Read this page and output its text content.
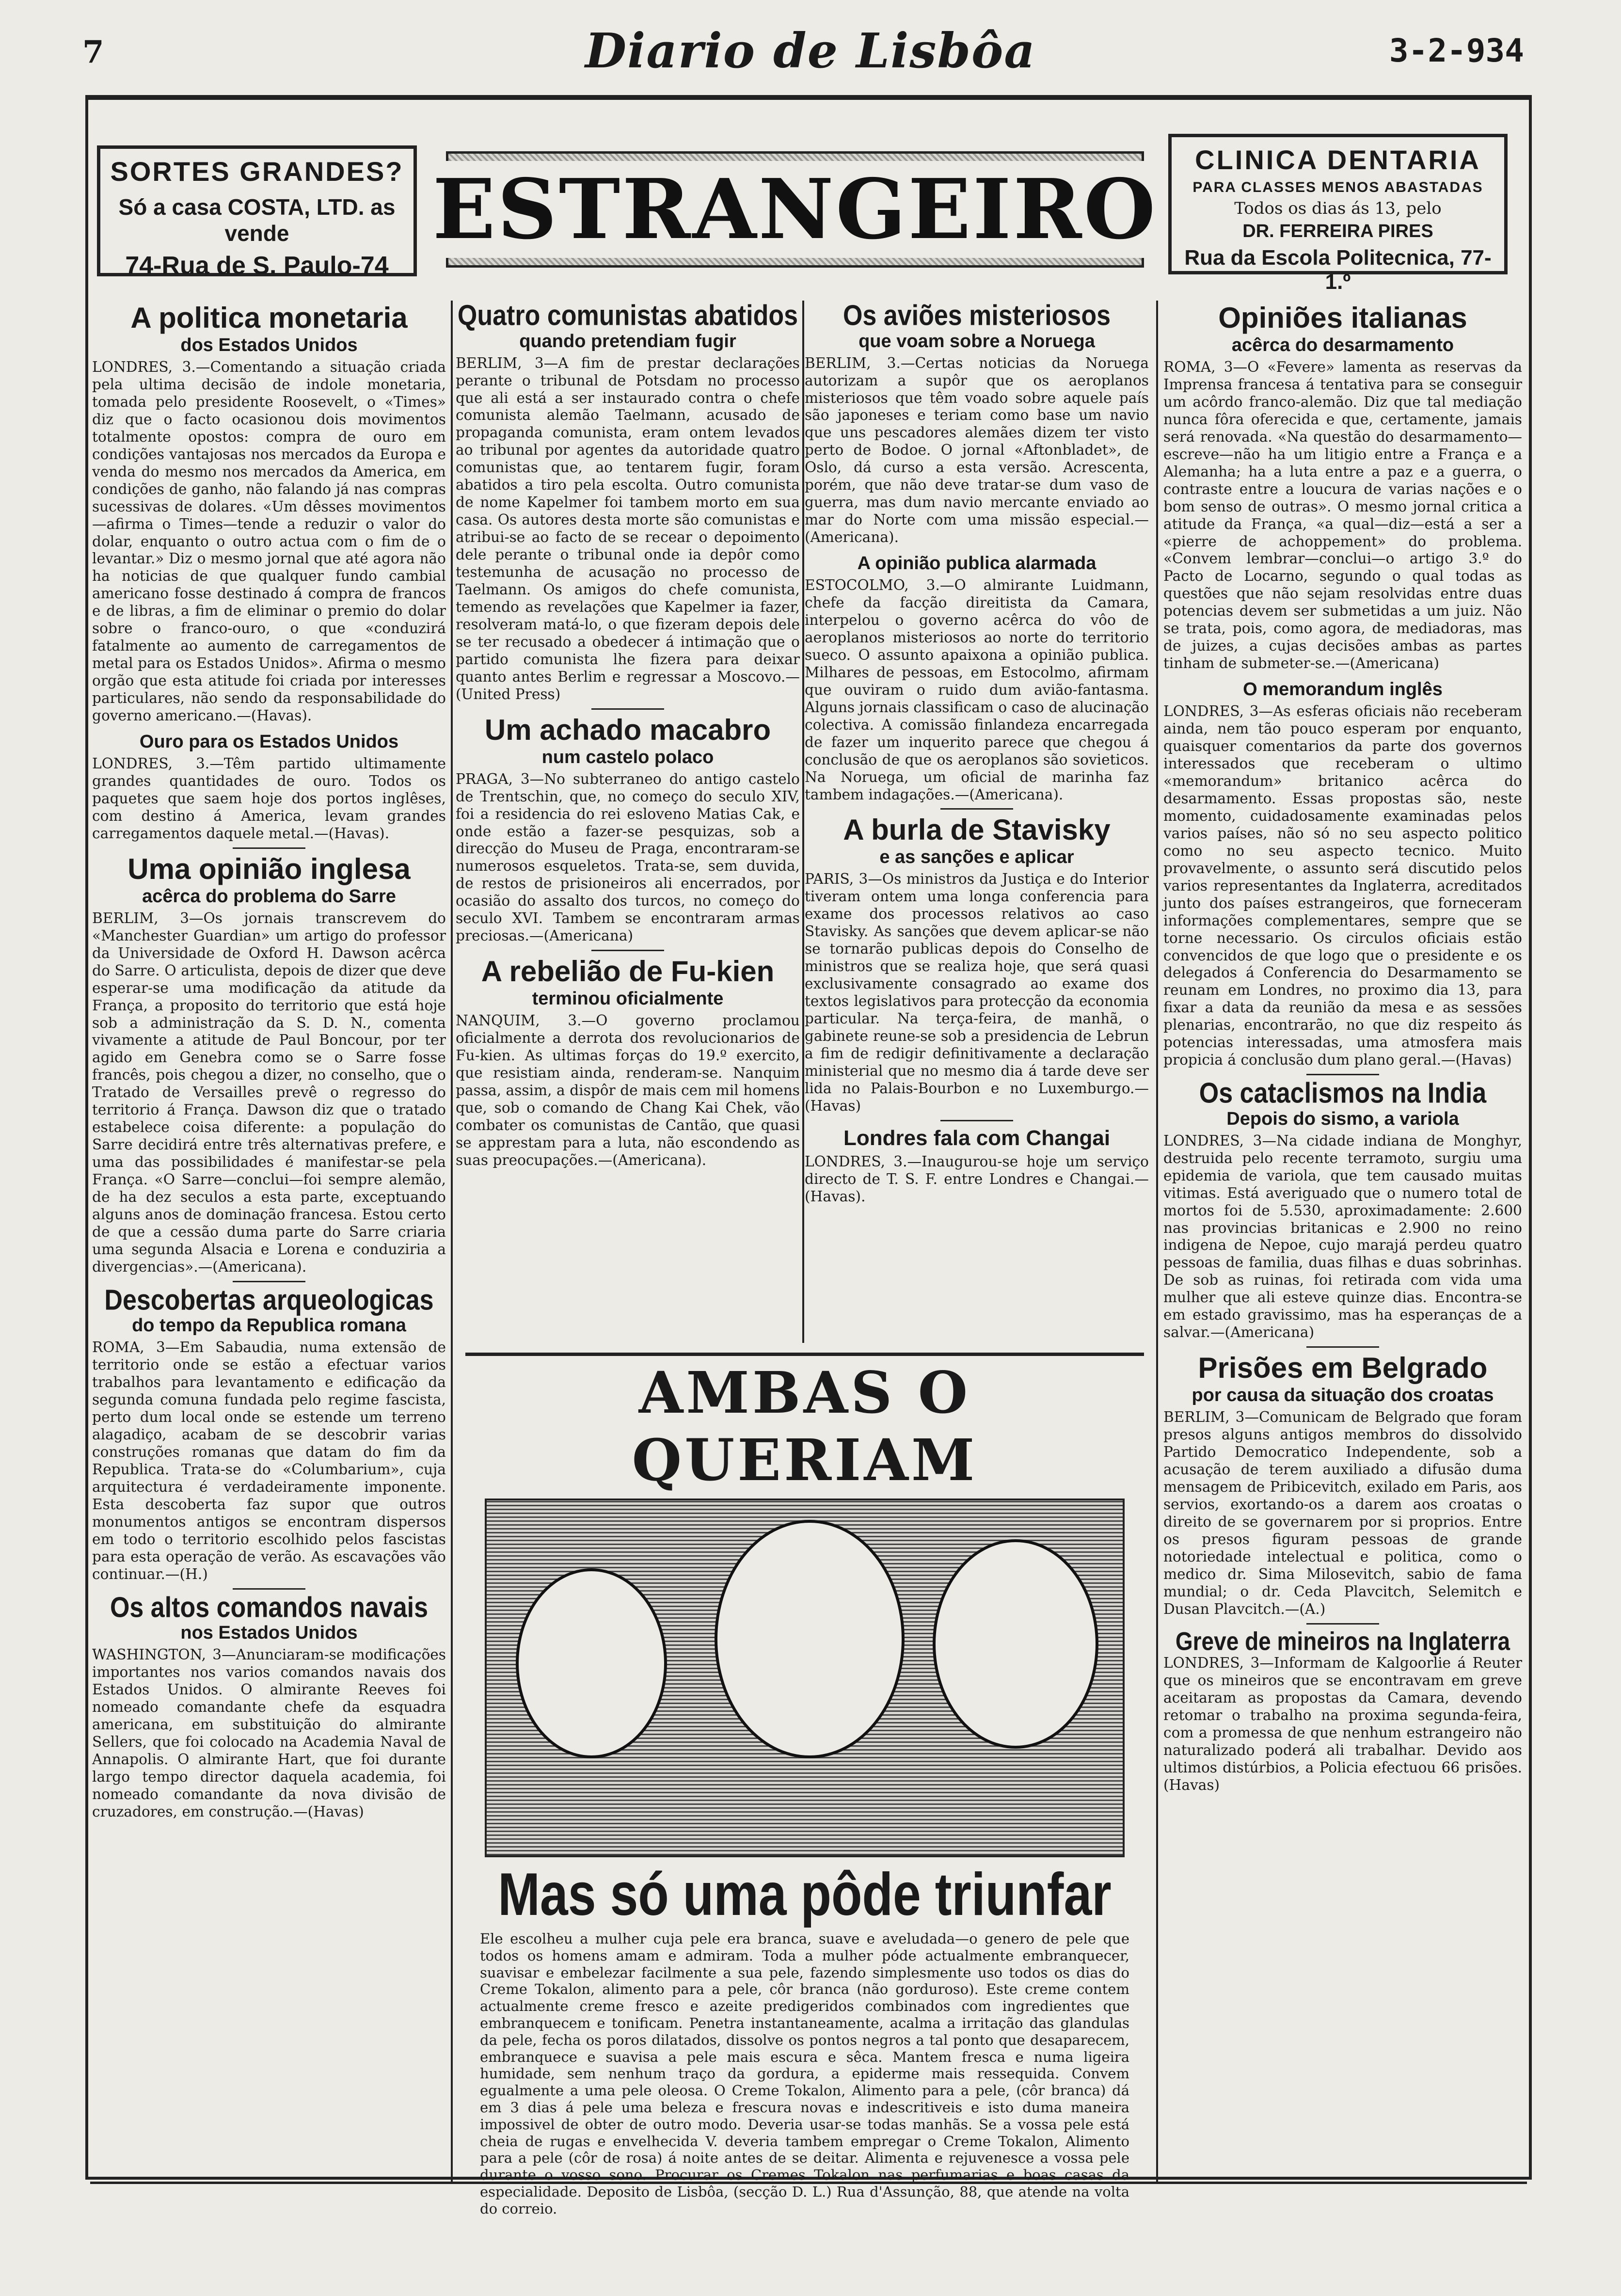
7	Diario de Lisbôa	3-2-934
SORTES GRANDES?
Só a casa COSTA, LTD. as vende
74-Rua de S. Paulo-74
ESTRANGEIRO
CLINICA DENTARIA
PARA CLASSES MENOS ABASTADAS
Todos os dias ás 13, pelo
DR. FERREIRA PIRES
Rua da Escola Politecnica, 77-1.º
A politica monetaria
dos Estados Unidos

LONDRES, 3.—Comentando a situação criada pela ultima decisão de indole monetaria, tomada pelo presidente Roosevelt, o «Times» diz que o facto ocasionou dois movimentos totalmente opostos: compra de ouro em condições vantajosas nos mercados da Europa e venda do mesmo nos mercados da America, em condições de ganho, não falando já nas compras sucessivas de dolares. «Um dêsses movimentos—afirma o Times—tende a reduzir o valor do dolar, enquanto o outro actua com o fim de o levantar.» Diz o mesmo jornal que até agora não ha noticias de que qualquer fundo cambial americano fosse destinado á compra de francos e de libras, a fim de eliminar o premio do dolar sobre o franco-ouro, o que «conduzirá fatalmente ao aumento de carregamentos de metal para os Estados Unidos». Afirma o mesmo orgão que esta atitude foi criada por interesses particulares, não sendo da responsabilidade do governo americano.—(Havas).

Ouro para os Estados Unidos

LONDRES, 3.—Têm partido ultimamente grandes quantidades de ouro. Todos os paquetes que saem hoje dos portos inglêses, com destino á America, levam grandes carregamentos daquele metal.—(Havas).

Uma opinião inglesa
acêrca do problema do Sarre

BERLIM, 3—Os jornais transcrevem do «Manchester Guardian» um artigo do professor da Universidade de Oxford H. Dawson acêrca do Sarre. O articulista, depois de dizer que deve esperar-se uma modificação da atitude da França, a proposito do territorio que está hoje sob a administração da S. D. N., comenta vivamente a atitude de Paul Boncour, por ter agido em Genebra como se o Sarre fosse francês, pois chegou a dizer, no conselho, que o Tratado de Versailles prevê o regresso do territorio á França. Dawson diz que o tratado estabelece coisa diferente: a população do Sarre decidirá entre três alternativas prefere, e uma das possibilidades é manifestar-se pela França. «O Sarre—conclui—foi sempre alemão, de ha dez seculos a esta parte, exceptuando alguns anos de dominação francesa. Estou certo de que a cessão duma parte do Sarre criaria uma segunda Alsacia e Lorena e conduziria a divergencias».—(Americana).

Descobertas arqueologicas
do tempo da Republica romana

ROMA, 3—Em Sabaudia, numa extensão de territorio onde se estão a efectuar varios trabalhos para levantamento e edificação da segunda comuna fundada pelo regime fascista, perto dum local onde se estende um terreno alagadiço, acabam de se descobrir varias construções romanas que datam do fim da Republica. Trata-se do «Columbarium», cuja arquitectura é verdadeiramente imponente. Esta descoberta faz supor que outros monumentos antigos se encontram dispersos em todo o territorio escolhido pelos fascistas para esta operação de verão. As escavações vão continuar.—(H.)

Os altos comandos navais
nos Estados Unidos

WASHINGTON, 3—Anunciaram-se modificações importantes nos varios comandos navais dos Estados Unidos. O almirante Reeves foi nomeado comandante chefe da esquadra americana, em substituição do almirante Sellers, que foi colocado na Academia Naval de Annapolis. O almirante Hart, que foi durante largo tempo director daquela academia, foi nomeado comandante da nova divisão de cruzadores, em construção.—(Havas)

Quatro comunistas abatidos
quando pretendiam fugir

BERLIM, 3—A fim de prestar declarações perante o tribunal de Potsdam no processo que ali está a ser instaurado contra o chefe comunista alemão Taelmann, acusado de propaganda comunista, eram ontem levados ao tribunal por agentes da autoridade quatro comunistas que, ao tentarem fugir, foram abatidos a tiro pela escolta. Outro comunista de nome Kapelmer foi tambem morto em sua casa. Os autores desta morte são comunistas e atribui-se ao facto de se recear o depoimento dele perante o tribunal onde ia depôr como testemunha de acusação no processo de Taelmann. Os amigos do chefe comunista, temendo as revelações que Kapelmer ia fazer, resolveram matá-lo, o que fizeram depois dele se ter recusado a obedecer á intimação que o partido comunista lhe fizera para deixar quanto antes Berlim e regressar a Moscovo.—(United Press)

Um achado macabro
num castelo polaco

PRAGA, 3—No subterraneo do antigo castelo de Trentschin, que, no começo do seculo XIV, foi a residencia do rei esloveno Matias Cak, e onde estão a fazer-se pesquizas, sob a direcção do Museu de Praga, encontraram-se numerosos esqueletos. Trata-se, sem duvida, de restos de prisioneiros ali encerrados, por ocasião do assalto dos turcos, no começo do seculo XVI. Tambem se encontraram armas preciosas.—(Americana)

A rebelião de Fu-kien
terminou oficialmente

NANQUIM, 3.—O governo proclamou oficialmente a derrota dos revolucionarios de Fu-kien. As ultimas forças do 19.º exercito, que resistiam ainda, renderam-se. Nanquim passa, assim, a dispôr de mais cem mil homens que, sob o comando de Chang Kai Chek, vão combater os comunistas de Cantão, que quasi se apprestam para a luta, não escondendo as suas preocupações.—(Americana).

Os aviões misteriosos
que voam sobre a Noruega

BERLIM, 3.—Certas noticias da Noruega autorizam a supôr que os aeroplanos misteriosos que têm voado sobre aquele país são japoneses e teriam como base um navio que uns pescadores alemães dizem ter visto perto de Bodoe. O jornal «Aftonbladet», de Oslo, dá curso a esta versão. Acrescenta, porém, que não deve tratar-se dum vaso de guerra, mas dum navio mercante enviado ao mar do Norte com uma missão especial.—(Americana).

A opinião publica alarmada

ESTOCOLMO, 3.—O almirante Luidmann, chefe da facção direitista da Camara, interpelou o governo acêrca do vôo de aeroplanos misteriosos ao norte do territorio sueco. O assunto apaixona a opinião publica. Milhares de pessoas, em Estocolmo, afirmam que ouviram o ruido dum avião-fantasma. Alguns jornais classificam o caso de alucinação colectiva. A comissão finlandeza encarregada de fazer um inquerito parece que chegou á conclusão de que os aeroplanos são sovieticos. Na Noruega, um oficial de marinha faz tambem indagações.—(Americana).

A burla de Stavisky
e as sanções e aplicar

PARIS, 3—Os ministros da Justiça e do Interior tiveram ontem uma longa conferencia para exame dos processos relativos ao caso Stavisky. As sanções que devem aplicar-se não se tornarão publicas depois do Conselho de ministros que se realiza hoje, que será quasi exclusivamente consagrado ao exame dos textos legislativos para protecção da economia particular. Na terça-feira, de manhã, o gabinete reune-se sob a presidencia de Lebrun a fim de redigir definitivamente a declaração ministerial que no mesmo dia á tarde deve ser lida no Palais-Bourbon e no Luxemburgo.—(Havas)

Londres fala com Changai

LONDRES, 3.—Inaugurou-se hoje um serviço directo de T. S. F. entre Londres e Changai.—(Havas).

Opiniões italianas
acêrca do desarmamento

ROMA, 3—O «Fevere» lamenta as reservas da Imprensa francesa á tentativa para se conseguir um acôrdo franco-alemão. Diz que tal mediação nunca fôra oferecida e que, certamente, jamais será renovada. «Na questão do desarmamento—escreve—não ha um litigio entre a França e a Alemanha; ha a luta entre a paz e a guerra, o contraste entre a loucura de varias nações e o bom senso de outras». O mesmo jornal critica a atitude da França, «a qual—diz—está a ser a «pierre de achoppement» do problema. «Convem lembrar—conclui—o artigo 3.º do Pacto de Locarno, segundo o qual todas as questões que não sejam resolvidas entre duas potencias devem ser submetidas a um juiz. Não se trata, pois, como agora, de mediadoras, mas de juizes, a cujas decisões ambas as partes tinham de submeter-se.—(Americana)

O memorandum inglês

LONDRES, 3—As esferas oficiais não receberam ainda, nem tão pouco esperam por enquanto, quaisquer comentarios da parte dos governos interessados que receberam o ultimo «memorandum» britanico acêrca do desarmamento. Essas propostas são, neste momento, cuidadosamente examinadas pelos varios países, não só no seu aspecto politico como no seu aspecto tecnico. Muito provavelmente, o assunto será discutido pelos varios representantes da Inglaterra, acreditados junto dos países estrangeiros, que forneceram informações complementares, sempre que se torne necessario. Os circulos oficiais estão convencidos de que logo que o presidente e os delegados á Conferencia do Desarmamento se reunam em Londres, no proximo dia 13, para fixar a data da reunião da mesa e as sessões plenarias, encontrarão, no que diz respeito ás potencias interessadas, uma atmosfera mais propicia á conclusão dum plano geral.—(Havas)

Os cataclismos na India
Depois do sismo, a variola

LONDRES, 3—Na cidade indiana de Monghyr, destruida pelo recente terramoto, surgiu uma epidemia de variola, que tem causado muitas vitimas. Está averiguado que o numero total de mortos foi de 5.530, aproximadamente: 2.600 nas provincias britanicas e 2.900 no reino indigena de Nepoe, cujo marajá perdeu quatro pessoas de familia, duas filhas e duas sobrinhas. De sob as ruinas, foi retirada com vida uma mulher que ali esteve quinze dias. Encontra-se em estado gravissimo, mas ha esperanças de a salvar.—(Americana)

Prisões em Belgrado
por causa da situação dos croatas

BERLIM, 3—Comunicam de Belgrado que foram presos alguns antigos membros do dissolvido Partido Democratico Independente, sob a acusação de terem auxiliado a difusão duma mensagem de Pribicevitch, exilado em Paris, aos servios, exortando-os a darem aos croatas o direito de se governarem por si proprios. Entre os presos figuram pessoas de grande notoriedade intelectual e politica, como o medico dr. Sima Milosevitch, sabio de fama mundial; o dr. Ceda Plavcitch, Selemitch e Dusan Plavcitch.—(A.)

Greve de mineiros na Inglaterra

LONDRES, 3—Informam de Kalgoorlie á Reuter que os mineiros que se encontravam em greve aceitaram as propostas da Camara, devendo retomar o trabalho na proxima segunda-feira, com a promessa de que nenhum estrangeiro não naturalizado poderá ali trabalhar. Devido aos ultimos distúrbios, a Policia efectuou 66 prisões. (Havas)

AMBAS O QUERIAM
Mas só uma pôde triunfar

Ele escolheu a mulher cuja pele era branca, suave e aveludada—o genero de pele que todos os homens amam e admiram. Toda a mulher póde actualmente embranquecer, suavisar e embelezar facilmente a sua pele, fazendo simplesmente uso todos os dias do Creme Tokalon, alimento para a pele, côr branca (não gorduroso). Este creme contem actualmente creme fresco e azeite predigeridos combinados com ingredientes que embranquecem e tonificam. Penetra instantaneamente, acalma a irritação das glandulas da pele, fecha os poros dilatados, dissolve os pontos negros a tal ponto que desaparecem, embranquece e suavisa a pele mais escura e sêca. Mantem fresca e numa ligeira humidade, sem nenhum traço da gordura, a epiderme mais ressequida. Convem egualmente a uma pele oleosa. O Creme Tokalon, Alimento para a pele, (côr branca) dá em 3 dias á pele uma beleza e frescura novas e indescritiveis e isto duma maneira impossivel de obter de outro modo. Deveria usar-se todas manhãs. Se a vossa pele está cheia de rugas e envelhecida V. deveria tambem empregar o Creme Tokalon, Alimento para a pele (côr de rosa) á noite antes de se deitar. Alimenta e rejuvenesce a vossa pele durante o vosso sono. Procurar os Cremes Tokalon nas perfumarias e boas casas da especialidade. Deposito de Lisbôa, (secção D. L.) Rua d'Assunção, 88, que atende na volta do correio.
